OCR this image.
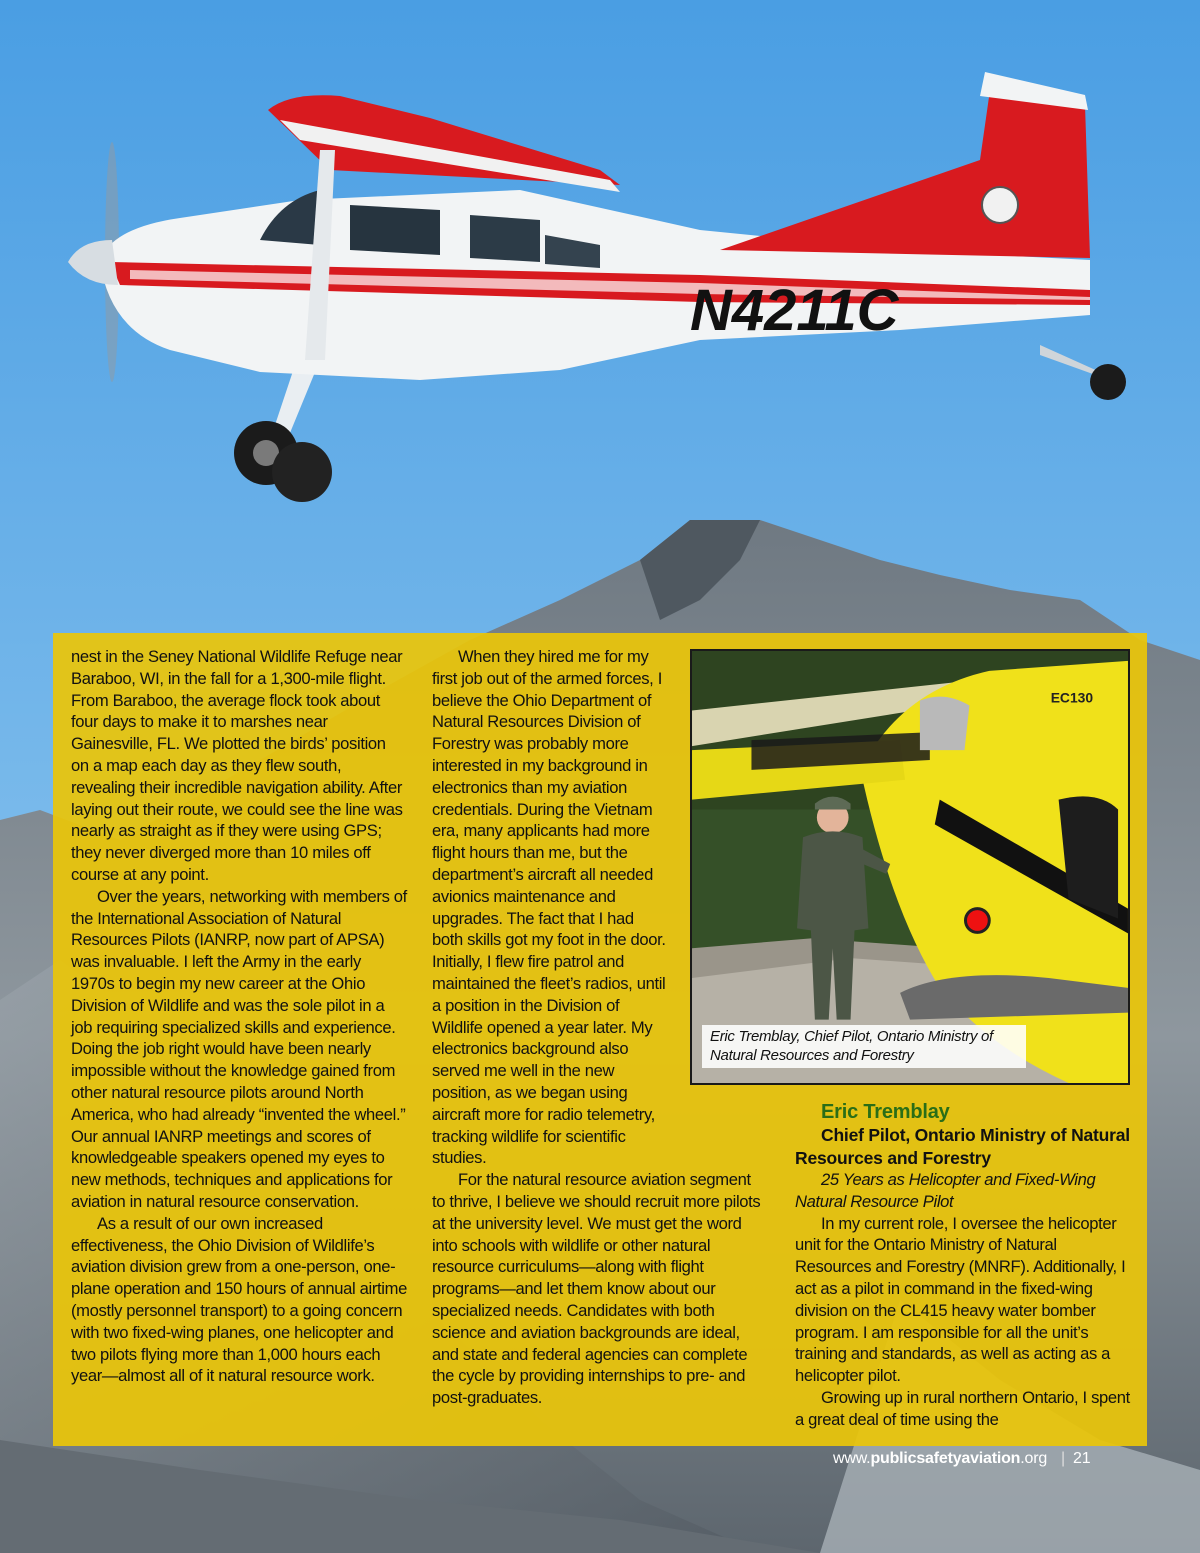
N4211C

nest in the Seney National Wildlife Refuge near Baraboo, WI, in the fall for a 1,300-mile flight. From Baraboo, the average flock took about four days to make it to marshes near Gainesville, FL. We plotted the birds’ position on a map each day as they flew south, revealing their incredible navigation ability. After laying out their route, we could see the line was nearly as straight as if they were using GPS; they never diverged more than 10 miles off course at any point.

Over the years, networking with members of the International Association of Natural Resources Pilots (IANRP, now part of APSA) was invaluable. I left the Army in the early 1970s to begin my new career at the Ohio Division of Wildlife and was the sole pilot in a job requiring specialized skills and experience. Doing the job right would have been nearly impossible without the knowledge gained from other natural resource pilots around North America, who had already “invented the wheel.” Our annual IANRP meetings and scores of knowledgeable speakers opened my eyes to new methods, techniques and applications for aviation in natural resource conservation.

As a result of our own increased effectiveness, the Ohio Division of Wildlife’s aviation division grew from a one-person, one-plane operation and 150 hours of annual airtime (mostly personnel transport) to a going concern with two fixed-wing planes, one helicopter and two pilots flying more than 1,000 hours each year—almost all of it natural resource work.

When they hired me for my first job out of the armed forces, I believe the Ohio Department of Natural Resources Division of Forestry was probably more interested in my background in electronics than my aviation credentials. During the Vietnam era, many applicants had more flight hours than me, but the department’s aircraft all needed avionics maintenance and upgrades. The fact that I had both skills got my foot in the door. Initially, I flew fire patrol and maintained the fleet’s radios, until a position in the Division of Wildlife opened a year later. My electronics background also served me well in the new position, as we began using aircraft more for radio telemetry, tracking wildlife for scientific studies.

For the natural resource aviation segment to thrive, I believe we should recruit more pilots at the university level. We must get the word into schools with wildlife or other natural resource curriculums—along with flight programs—and let them know about our specialized needs. Candidates with both science and aviation backgrounds are ideal, and state and federal agencies can complete the cycle by providing internships to pre- and post-graduates.

EC130
Eric Tremblay, Chief Pilot, Ontario Ministry of Natural Resources and Forestry

Eric Tremblay

Chief Pilot, Ontario Ministry of Natural Resources and Forestry

25 Years as Helicopter and Fixed-Wing Natural Resource Pilot

In my current role, I oversee the helicopter unit for the Ontario Ministry of Natural Resources and Forestry (MNRF). Additionally, I act as a pilot in command in the fixed-wing division on the CL415 heavy water bomber program. I am responsible for all the unit’s training and standards, as well as acting as a helicopter pilot.

Growing up in rural northern Ontario, I spent a great deal of time using the

www.publicsafetyaviation.org | 21
